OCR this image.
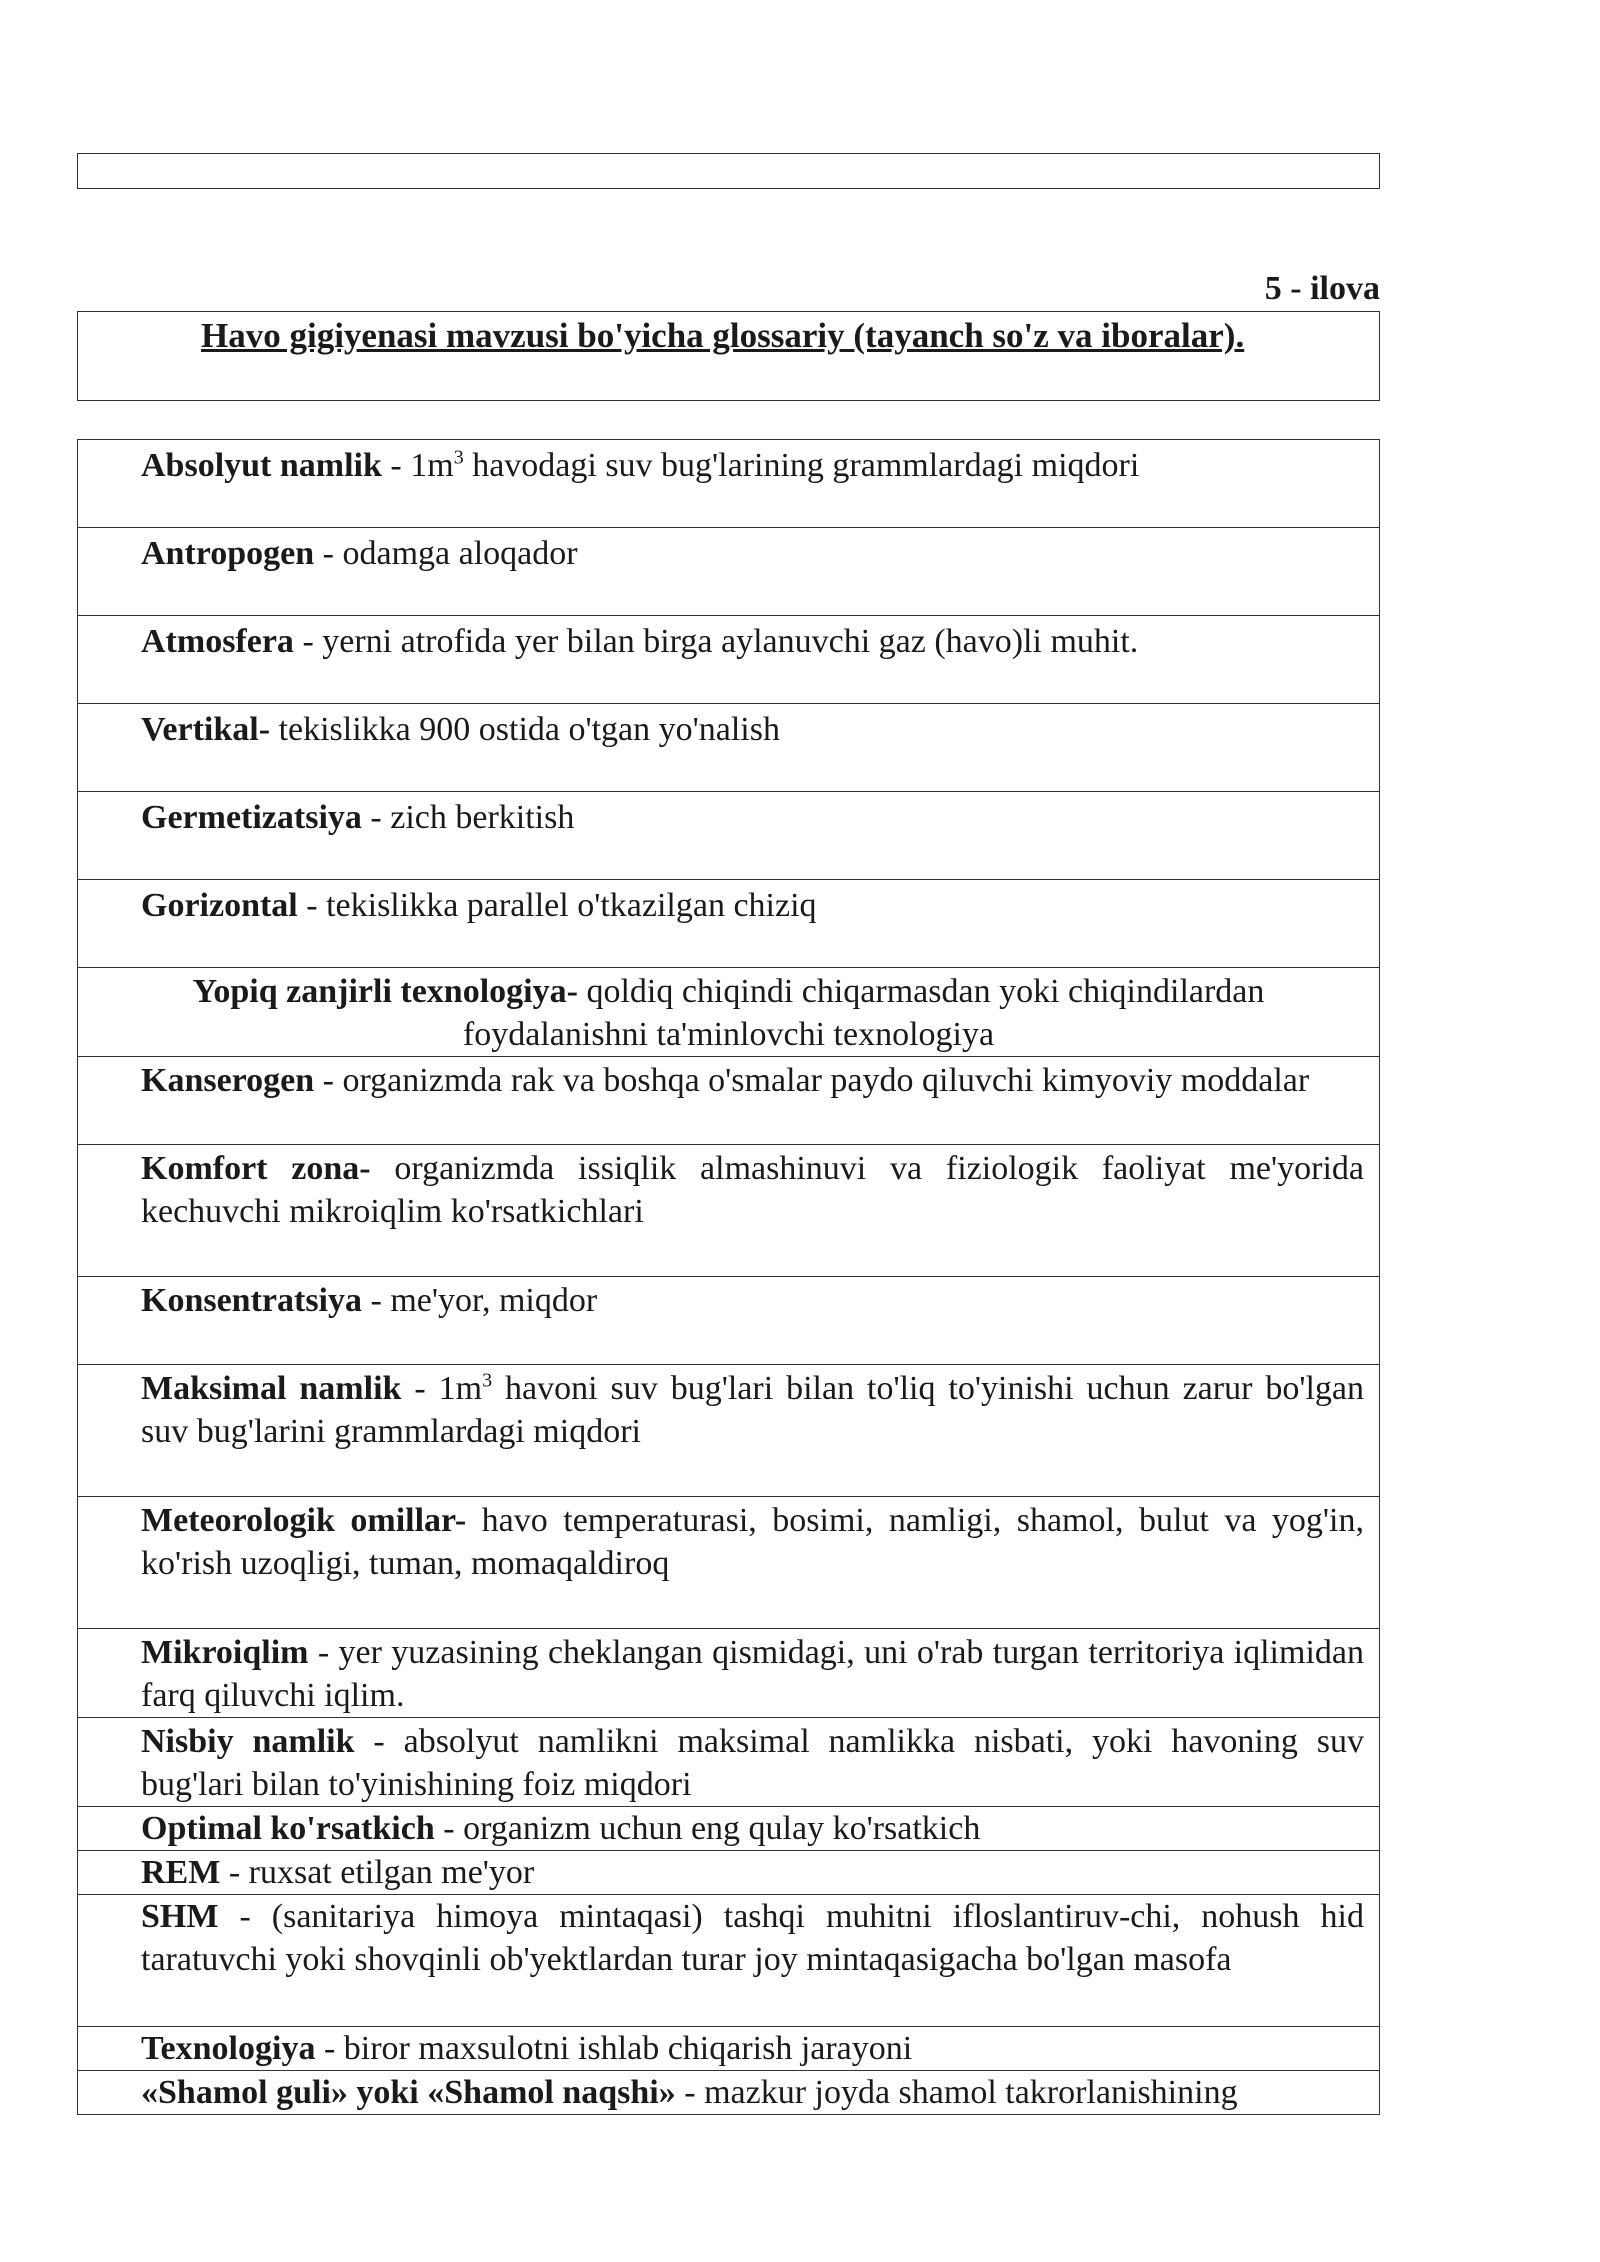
5 - ilova
Havo gigiyenasi mavzusi bo'yicha glossariy (tayanch so'z va iboralar).
Absolyut namlik - $1m^3$ havodagi suv bug'larining grammlardagi miqdori
Antropogen - odamga aloqador
Atmosfera - yerni atrofida yer bilan birga aylanuvchi gaz (havo)li muhit.
Vertikal- tekislikka 900 ostida o'tgan yo'nalish
Germetizatsiya - zich berkitish
Gorizontal - tekislikka parallel o'tkazilgan chiziq
Yopiq zanjirli texnologiya- qoldiq chiqindi chiqarmasdan yoki chiqindilardan foydalanishni ta'minlovchi texnologiya
Kanserogen - organizmda rak va boshqa o'smalar paydo qiluvchi kimyoviy moddalar
Komfort zona- organizmda issiqlik almashinuvi va fiziologik faoliyat me'yorida kechuvchi mikroiqlim ko'rsatkichlari
Konsentratsiya - me'yor, miqdor
Maksimal namlik - $1m^3$ havoni suv bug'lari bilan to'liq to'yinishi uchun zarur bo'lgan suv bug'larini grammlardagi miqdori
Meteorologik omillar- havo temperaturasi, bosimi, namligi, shamol, bulut va yog'in, ko'rish uzoqligi, tuman, momaqaldiroq
Mikroiqlim - yer yuzasining cheklangan qismidagi, uni o'rab turgan territoriya iqlimidan farq qiluvchi iqlim.
Nisbiy namlik - absolyut namlikni maksimal namlikka nisbati, yoki havoning suv bug'lari bilan to'yinishining foiz miqdori
Optimal ko'rsatkich - organizm uchun eng qulay ko'rsatkich
REM - ruxsat etilgan me'yor
SHM - (sanitariya himoya mintaqasi) tashqi muhitni ifloslantiruv-chi, nohush hid taratuvchi yoki shovqinli ob'yektlardan turar joy mintaqasigacha bo'lgan masofa
Texnologiya - biror maxsulotni ishlab chiqarish jarayoni
«Shamol guli» yoki «Shamol naqshi» - mazkur joyda shamol takrorlanishining
